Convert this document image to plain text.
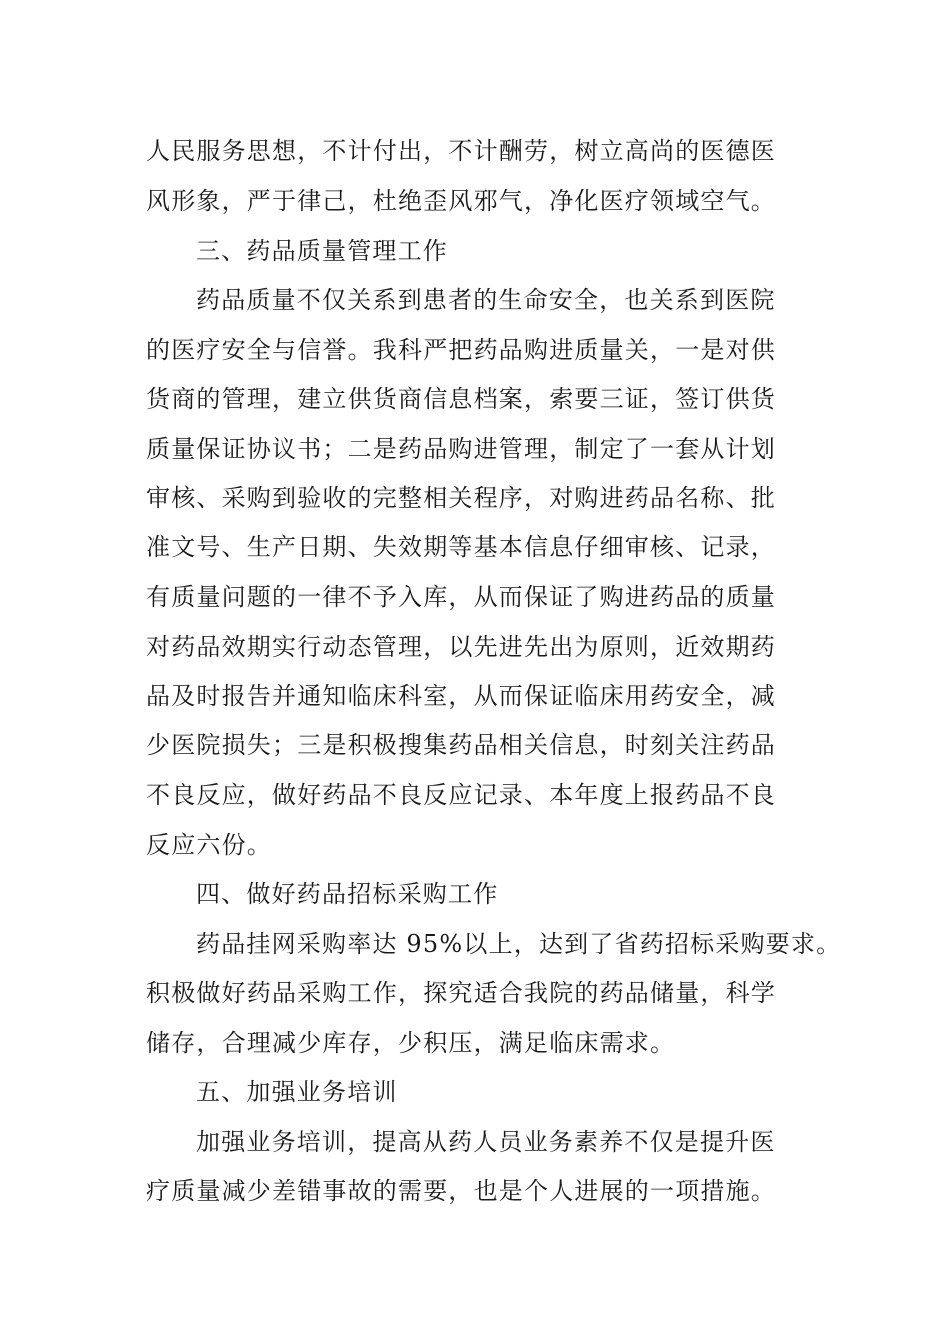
人民服务思想，不计付出，不计酬劳，树立高尚的医德医
风形象，严于律己，杜绝歪风邪气，净化医疗领域空气。
三、药品质量管理工作
药品质量不仅关系到患者的生命安全，也关系到医院
的医疗安全与信誉。我科严把药品购进质量关，一是对供
货商的管理，建立供货商信息档案，索要三证，签订供货
质量保证协议书；二是药品购进管理，制定了一套从计划
审核、采购到验收的完整相关程序，对购进药品名称、批
准文号、生产日期、失效期等基本信息仔细审核、记录，
有质量问题的一律不予入库，从而保证了购进药品的质量
对药品效期实行动态管理，以先进先出为原则，近效期药
品及时报告并通知临床科室，从而保证临床用药安全，减
少医院损失；三是积极搜集药品相关信息，时刻关注药品
不良反应，做好药品不良反应记录、本年度上报药品不良
反应六份。
四、做好药品招标采购工作
药品挂网采购率达 95%以上，达到了省药招标采购要求。
积极做好药品采购工作，探究适合我院的药品储量，科学
储存，合理减少库存，少积压，满足临床需求。
五、加强业务培训
加强业务培训，提高从药人员业务素养不仅是提升医
疗质量减少差错事故的需要，也是个人进展的一项措施。
